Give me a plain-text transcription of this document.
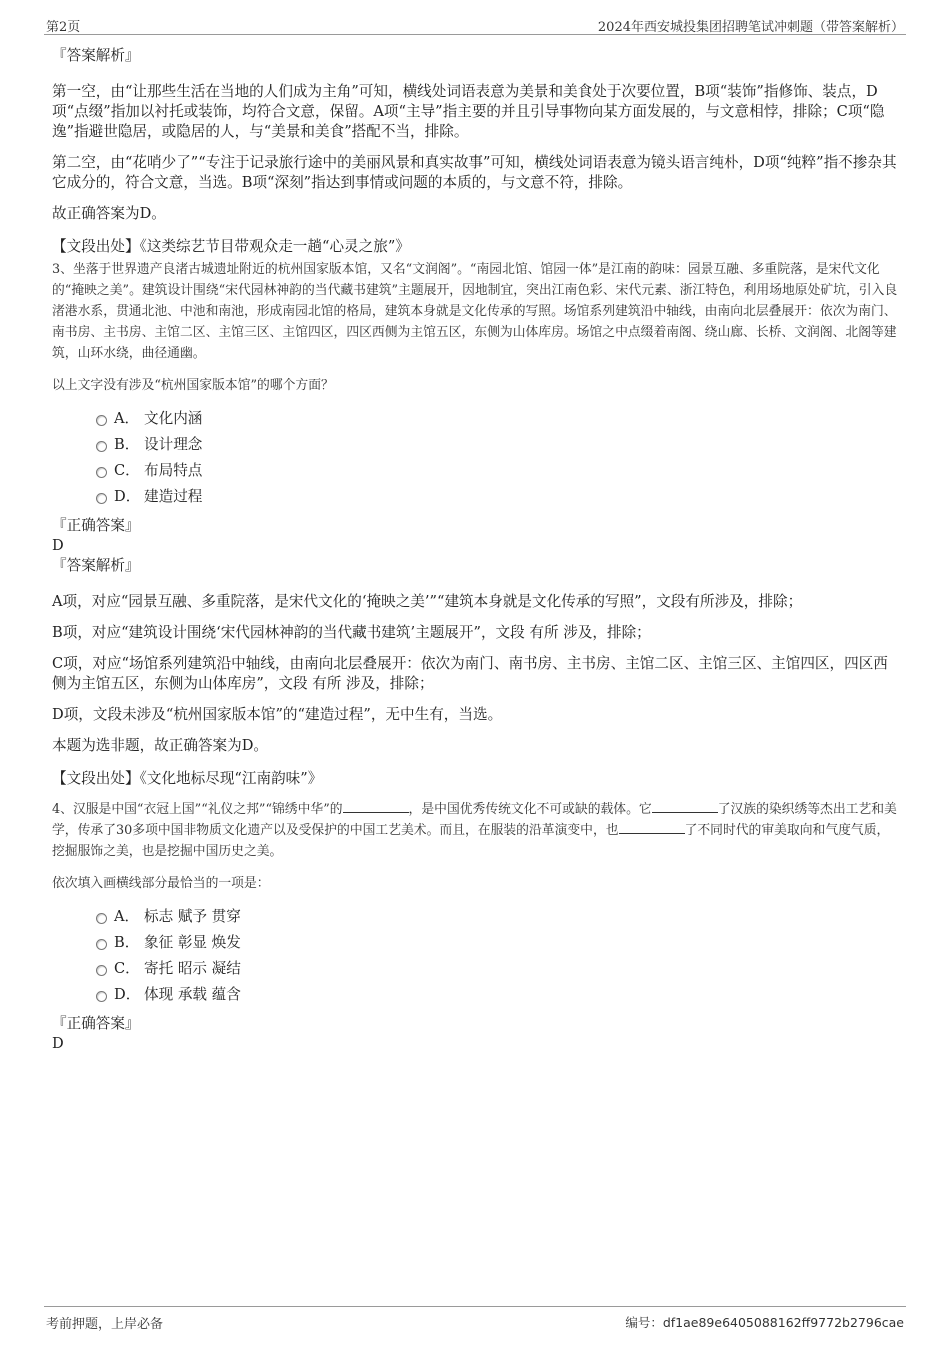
第2页	2024年西安城投集团招聘笔试冲刺题（带答案解析）

『答案解析』

第一空，由“让那些生活在当地的人们成为主角”可知，横线处词语表意为美景和美食处于次要位置，B项“装饰”指修饰、装点，D项“点缀”指加以衬托或装饰，均符合文意，保留。A项“主导”指主要的并且引导事物向某方面发展的，与文意相悖，排除；C项“隐逸”指避世隐居，或隐居的人，与“美景和美食”搭配不当，排除。

第二空，由“花哨少了”“专注于记录旅行途中的美丽风景和真实故事”可知，横线处词语表意为镜头语言纯朴，D项“纯粹”指不掺杂其它成分的，符合文意，当选。B项“深刻”指达到事情或问题的本质的，与文意不符，排除。

故正确答案为D。

【文段出处】《这类综艺节目带观众走一趟“心灵之旅”》

3、坐落于世界遗产良渚古城遗址附近的杭州国家版本馆，又名“文润阁”。“南园北馆、馆园一体”是江南的韵味：园景互融、多重院落，是宋代文化的“掩映之美”。建筑设计围绕“宋代园林神韵的当代藏书建筑”主题展开，因地制宜，突出江南色彩、宋代元素、浙江特色，利用场地原处矿坑，引入良渚港水系，贯通北池、中池和南池，形成南园北馆的格局，建筑本身就是文化传承的写照。场馆系列建筑沿中轴线，由南向北层叠展开：依次为南门、南书房、主书房、主馆二区、主馆三区、主馆四区，四区西侧为主馆五区，东侧为山体库房。场馆之中点缀着南阁、绕山廊、长桥、文润阁、北阁等建筑，山环水绕，曲径通幽。

以上文字没有涉及“杭州国家版本馆”的哪个方面？

A． 文化内涵
B． 设计理念
C． 布局特点
D． 建造过程

『正确答案』

D

『答案解析』

A项，对应“园景互融、多重院落，是宋代文化的‘掩映之美’”“建筑本身就是文化传承的写照”，文段有所涉及，排除；

B项，对应“建筑设计围绕‘宋代园林神韵的当代藏书建筑’主题展开”，文段 有所 涉及，排除；

C项，对应“场馆系列建筑沿中轴线，由南向北层叠展开：依次为南门、南书房、主书房、主馆二区、主馆三区、主馆四区，四区西侧为主馆五区，东侧为山体库房”，文段 有所 涉及，排除；

D项，文段未涉及“杭州国家版本馆”的“建造过程”，无中生有，当选。

本题为选非题，故正确答案为D。

【文段出处】《文化地标尽现“江南韵味”》

4、汉服是中国“衣冠上国”“礼仪之邦”“锦绣中华”的	，是中国优秀传统文化不可或缺的载体。它	了汉族的染织绣等杰出工艺和美学，传承了30多项中国非物质文化遗产以及受保护的中国工艺美术。而且，在服装的沿革演变中，也	了不同时代的审美取向和气度气质，挖掘服饰之美，也是挖掘中国历史之美。

依次填入画横线部分最恰当的一项是：

A． 标志 赋予 贯穿
B． 象征 彰显 焕发
C． 寄托 昭示 凝结
D． 体现 承载 蕴含

『正确答案』

D

考前押题，上岸必备	编号：df1ae89e6405088162ff9772b2796cae
